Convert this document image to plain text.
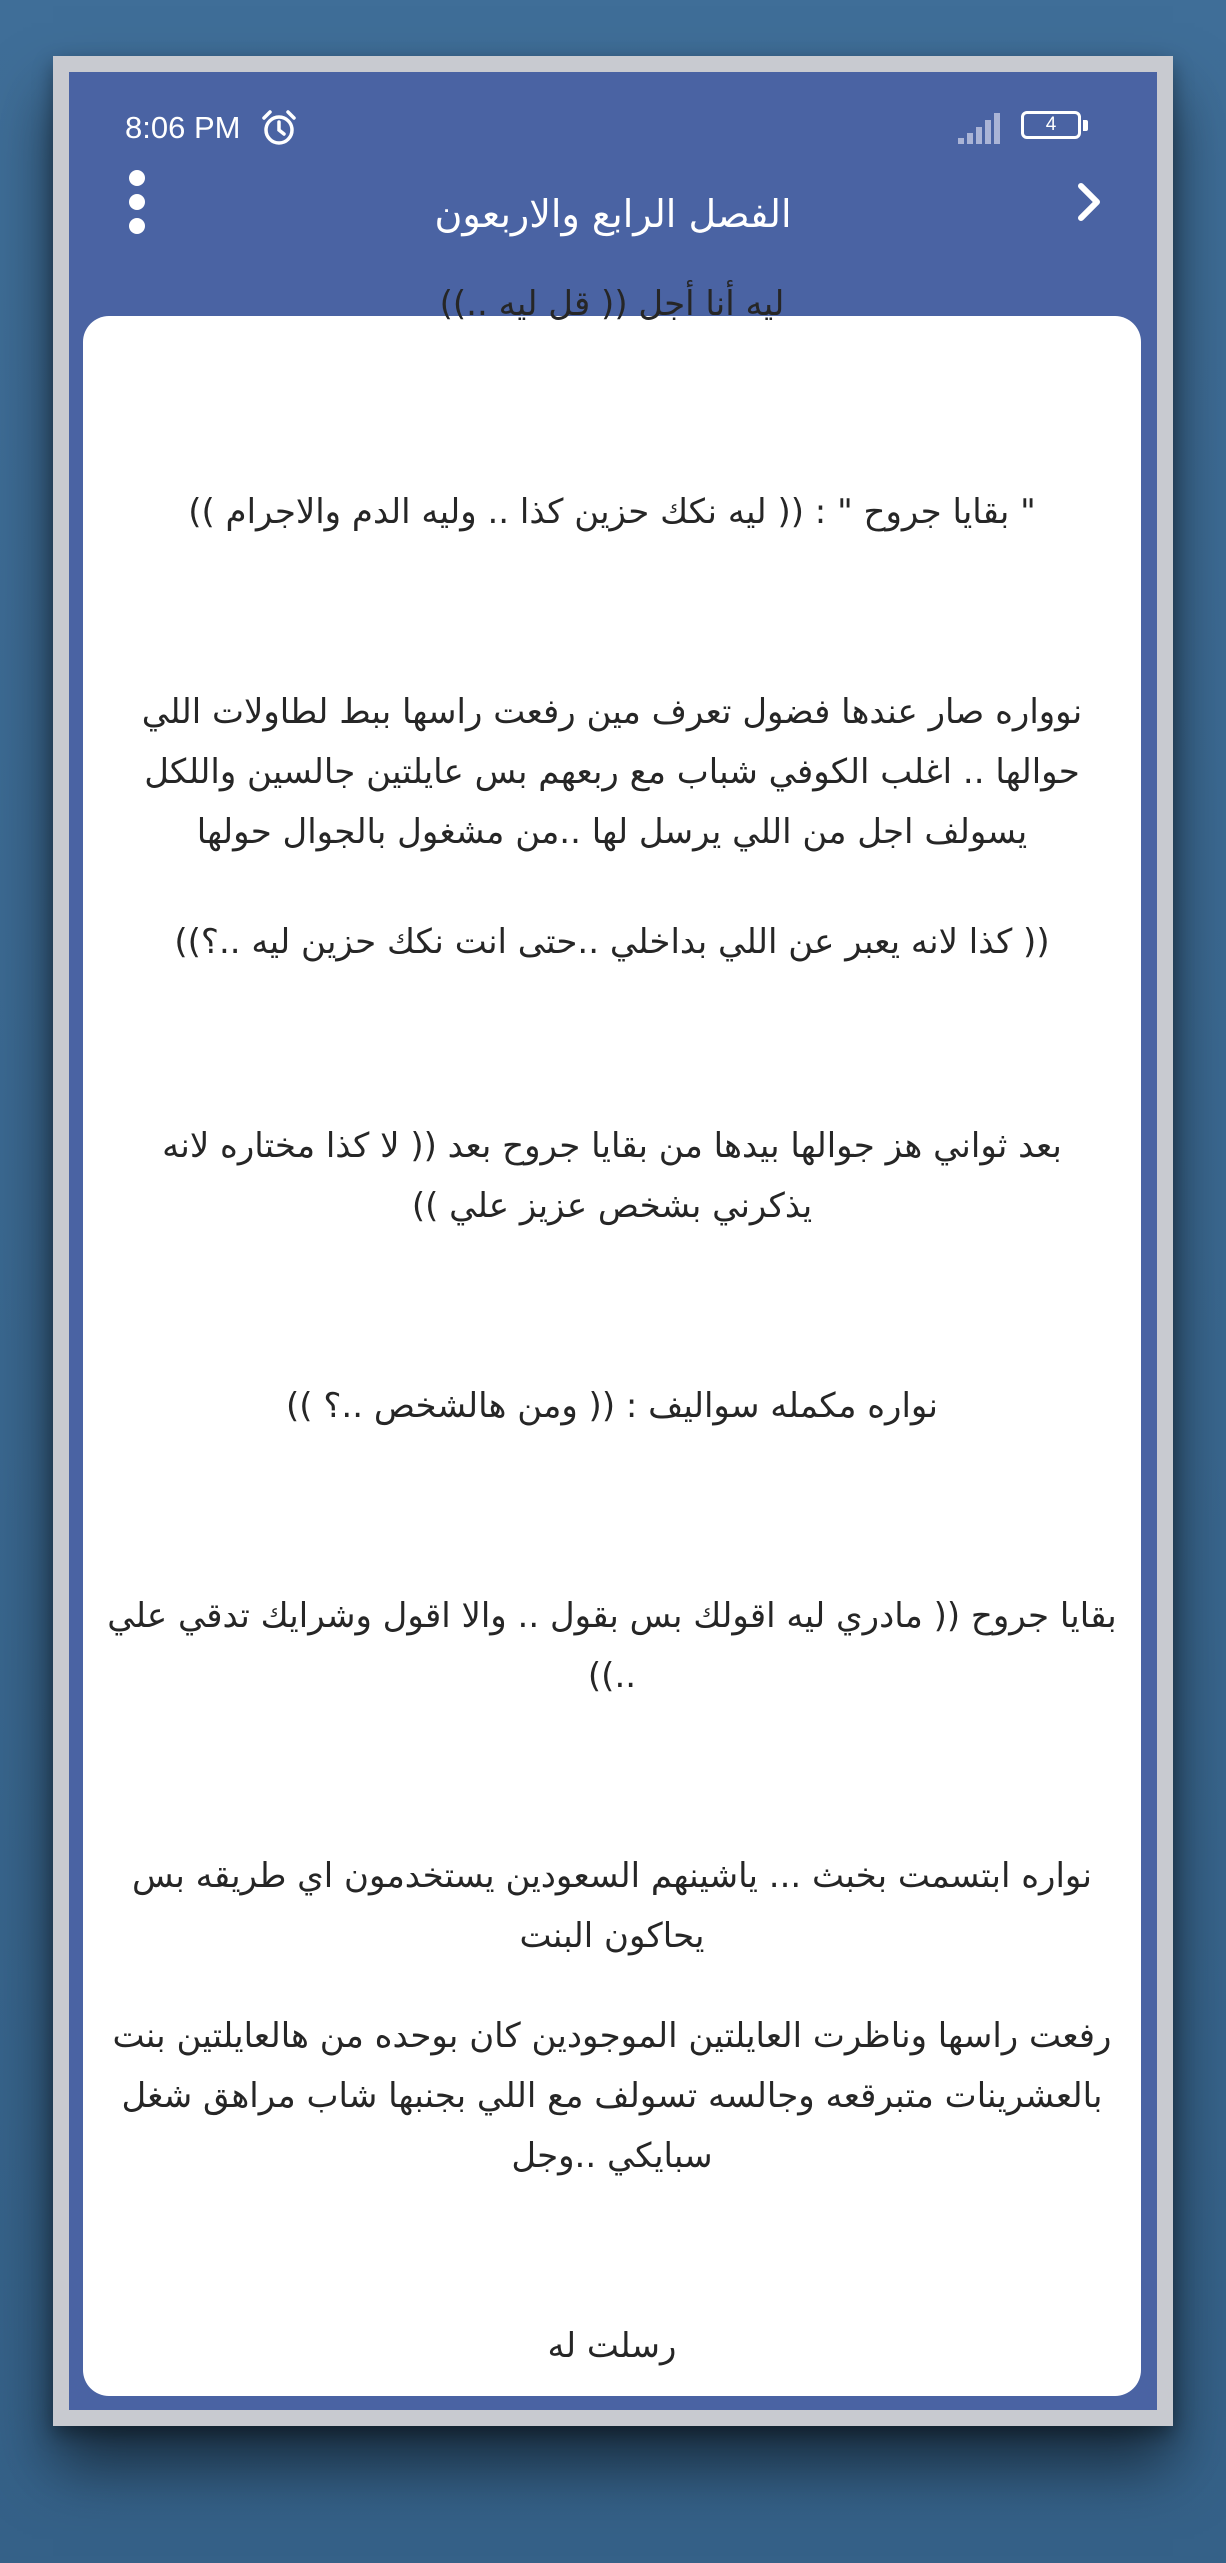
8:06 PM	4
الفصل الرابع والاربعون

ﻟﻴﻪ ﺃﻧﺎ ﺃﺟﻞ (( ﻗﻞ ﻟﻴﻪ ..))

" بقايا جروح " : (( ليه نكك حزين كذا .. وليه الدم والاجرام ))

نوواره صار عندها فضول تعرف مين رفعت راسها ببط لطاولات اللي حوالها .. اغلب الكوفي شباب مع ربعهم بس عايلتين جالسين واللكل يسولف اجل من اللي يرسل لها ..من مشغول بالجوال حولها

(( كذا لانه يعبر عن اللي بداخلي ..حتى انت نكك حزين ليه ..؟))

بعد ثواني هز جوالها بيدها من بقايا جروح بعد (( لا كذا مختاره لانه يذكرني بشخص عزيز علي ))

نواره مكمله سواليف : (( ومن هالشخص ..؟ ))

بقايا جروح (( مادري ليه اقولك بس بقول .. والا اقول وشرايك تدقي علي ..))

نواره ابتسمت بخبث ... ياشينهم السعودين يستخدمون اي طريقه بس يحاكون البنت

رفعت راسها وناظرت العايلتين الموجودين كان بوحده من هالعايلتين بنت بالعشرينات متبرقعه وجالسه تسولف مع اللي بجنبها شاب مراهق شغل سبايكي ..وجل

رسلت له
